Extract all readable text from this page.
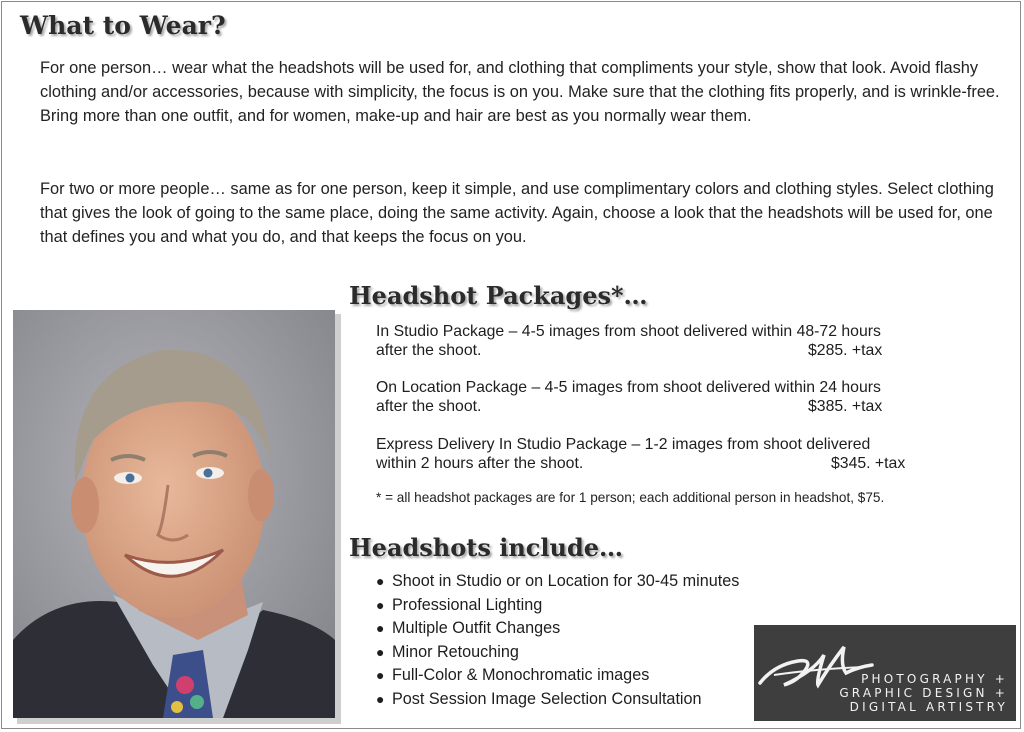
What to Wear?

For one person… wear what the headshots will be used for, and clothing that compliments your style, show that look. Avoid flashy clothing and/or accessories, because with simplicity, the focus is on you. Make sure that the clothing fits properly, and is wrinkle-free. Bring more than one outfit, and for women, make-up and hair are best as you normally wear them.

For two or more people… same as for one person, keep it simple, and use complimentary colors and clothing styles. Select clothing that gives the look of going to the same place, doing the same activity. Again, choose a look that the headshots will be used for, one that defines you and what you do, and that keeps the focus on you.

Headshot Packages*…
In Studio Package – 4-5 images from shoot delivered within 48-72 hours
after the shoot.	$285. +tax
On Location Package – 4-5 images from shoot delivered within 24 hours
after the shoot.	$385. +tax
Express Delivery In Studio Package – 1-2 images from shoot delivered
within 2 hours after the shoot.	$345. +tax
* = all headshot packages are for 1 person; each additional person in headshot, $75.
Headshots include…
● Shoot in Studio or on Location for 30-45 minutes
● Professional Lighting
● Multiple Outfit Changes
● Minor Retouching
● Full-Color & Monochromatic images
● Post Session Image Selection Consultation
PHOTOGRAPHY +
GRAPHIC DESIGN +
DIGITAL ARTISTRY
